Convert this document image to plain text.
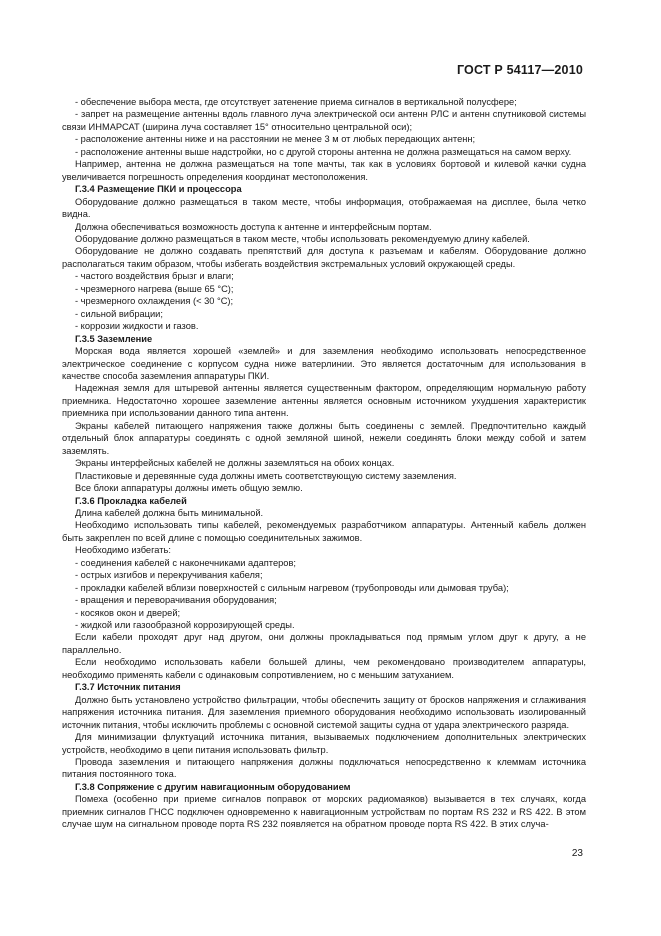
ГОСТ Р 54117—2010

- обеспечение выбора места, где отсутствует затенение приема сигналов в вертикальной полусфере;

- запрет на размещение антенны вдоль главного луча электрической оси антенн РЛС и антенн спутниковой системы связи ИНМАРСАТ (ширина луча составляет 15° относительно центральной оси);

- расположение антенны ниже и на расстоянии не менее 3 м от любых передающих антенн;

- расположение антенны выше надстройки, но с другой стороны антенна не должна размещаться на самом верху.

Например, антенна не должна размещаться на топе мачты, так как в условиях бортовой и килевой качки судна увеличивается погрешность определения координат местоположения.

Г.3.4 Размещение ПКИ и процессора

Оборудование должно размещаться в таком месте, чтобы информация, отображаемая на дисплее, была четко видна.

Должна обеспечиваться возможность доступа к антенне и интерфейсным портам.

Оборудование должно размещаться в таком месте, чтобы использовать рекомендуемую длину кабелей.

Оборудование не должно создавать препятствий для доступа к разъемам и кабелям. Оборудование должно располагаться таким образом, чтобы избегать воздействия экстремальных условий окружающей среды.

- частого воздействия брызг и влаги;

- чрезмерного нагрева (выше 65 °C);

- чрезмерного охлаждения (< 30 °C);

- сильной вибрации;

- коррозии жидкости и газов.

Г.3.5 Заземление

Морская вода является хорошей «землей» и для заземления необходимо использовать непосредственное электрическое соединение с корпусом судна ниже ватерлинии. Это является достаточным для использования в качестве способа заземления аппаратуры ПКИ.

Надежная земля для штыревой антенны является существенным фактором, определяющим нормальную работу приемника. Недостаточно хорошее заземление антенны является основным источником ухудшения характеристик приемника при использовании данного типа антенн.

Экраны кабелей питающего напряжения также должны быть соединены с землей. Предпочтительно каждый отдельный блок аппаратуры соединять с одной земляной шиной, нежели соединять блоки между собой и затем заземлять.

Экраны интерфейсных кабелей не должны заземляться на обоих концах.

Пластиковые и деревянные суда должны иметь соответствующую систему заземления.

Все блоки аппаратуры должны иметь общую землю.

Г.3.6 Прокладка кабелей

Длина кабелей должна быть минимальной.

Необходимо использовать типы кабелей, рекомендуемых разработчиком аппаратуры. Антенный кабель должен быть закреплен по всей длине с помощью соединительных зажимов.

Необходимо избегать:

- соединения кабелей с наконечниками адаптеров;

- острых изгибов и перекручивания кабеля;

- прокладки кабелей вблизи поверхностей с сильным нагревом (трубопроводы или дымовая труба);

- вращения и переворачивания оборудования;

- косяков окон и дверей;

- жидкой или газообразной коррозирующей среды.

Если кабели проходят друг над другом, они должны прокладываться под прямым углом друг к другу, а не параллельно.

Если необходимо использовать кабели большей длины, чем рекомендовано производителем аппаратуры, необходимо применять кабели с одинаковым сопротивлением, но с меньшим затуханием.

Г.3.7 Источник питания

Должно быть установлено устройство фильтрации, чтобы обеспечить защиту от бросков напряжения и сглаживания напряжения источника питания. Для заземления приемного оборудования необходимо использовать изолированный источник питания, чтобы исключить проблемы с основной системой защиты судна от удара электрического разряда.

Для минимизации флуктуаций источника питания, вызываемых подключением дополнительных электрических устройств, необходимо в цепи питания использовать фильтр.

Провода заземления и питающего напряжения должны подключаться непосредственно к клеммам источника питания постоянного тока.

Г.3.8 Сопряжение с другим навигационным оборудованием

Помеха (особенно при приеме сигналов поправок от морских радиомаяков) вызывается в тех случаях, когда приемник сигналов ГНСС подключен одновременно к навигационным устройствам по портам RS 232 и RS 422. В этом случае шум на сигнальном проводе порта RS 232 появляется на обратном проводе порта RS 422. В этих случа-

23
